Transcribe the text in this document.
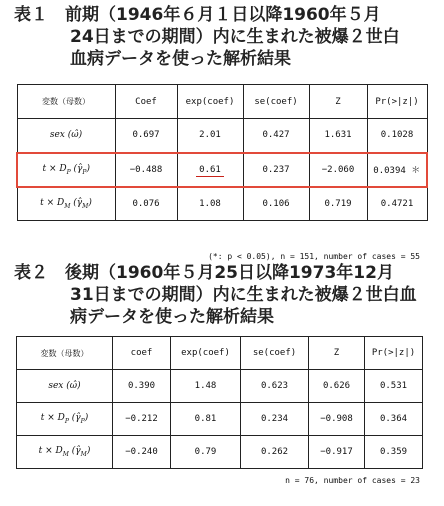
表１　前期（1946年６月１日以降1960年５月
24日までの期間）内に生まれた被爆２世白
血病データを使った解析結果
変数（母数）	Coef	exp(coef)	se(coef)	Z	Pr(>|z|)
sex (ω̂)	0.697	2.01	0.427	1.631	0.1028
$t \times D_P$ $(\gammâ_P)$	−0.488	0.61	0.237	−2.060	0.0394 ＊
$t \times D_M$ $(\gammâ_M)$	0.076	1.08	0.106	0.719	0.4721
(*: p < 0.05), n = 151, number of cases = 55
表２　後期（1960年５月25日以降1973年12月
31日までの期間）内に生まれた被爆２世白血
病データを使った解析結果
変数（母数）	coef	exp(coef)	se(coef)	Z	Pr(>|z|)
sex (ω̂)	0.390	1.48	0.623	0.626	0.531
$t \times D_P$ $(\gammâ_P)$	−0.212	0.81	0.234	−0.908	0.364
$t \times D_M$ $(\gammâ_M)$	−0.240	0.79	0.262	−0.917	0.359
n = 76, number of cases = 23
